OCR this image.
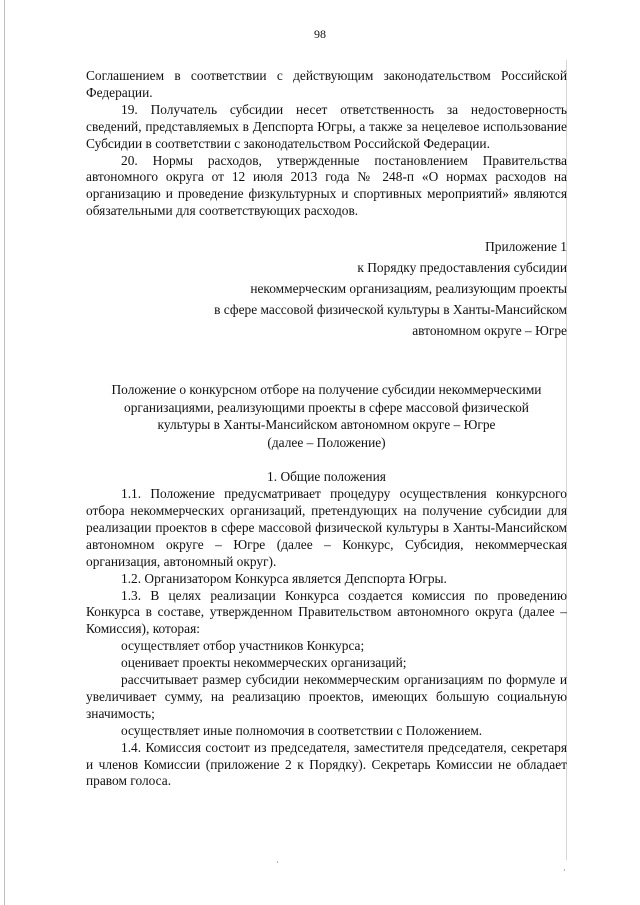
98

Соглашением в соответствии с действующим законодательством Российской Федерации.

19. Получатель субсидии несет ответственность за недостоверность сведений, представляемых в Депспорта Югры, а также за нецелевое использование Субсидии в соответствии с законодательством Российской Федерации.

20. Нормы расходов, утвержденные постановлением Правительства автономного округа от 12 июля 2013 года № 248-п «О нормах расходов на организацию и проведение физкультурных и спортивных мероприятий» являются обязательными для соответствующих расходов.

Приложение 1
к Порядку предоставления субсидии
некоммерческим организациям, реализующим проекты
в сфере массовой физической культуры в Ханты-Мансийском
автономном округе – Югре
Положение о конкурсном отборе на получение субсидии некоммерческими
организациями, реализующими проекты в сфере массовой физической
культуры в Ханты-Мансийском автономном округе – Югре
(далее – Положение)
1. Общие положения

1.1. Положение предусматривает процедуру осуществления конкурсного отбора некоммерческих организаций, претендующих на получение субсидии для реализации проектов в сфере массовой физической культуры в Ханты-Мансийском автономном округе – Югре (далее – Конкурс, Субсидия, некоммерческая организация, автономный округ).

1.2. Организатором Конкурса является Депспорта Югры.

1.3. В целях реализации Конкурса создается комиссия по проведению Конкурса в составе, утвержденном Правительством автономного округа (далее – Комиссия), которая:

осуществляет отбор участников Конкурса;

оценивает проекты некоммерческих организаций;

рассчитывает размер субсидии некоммерческим организациям по формуле и увеличивает сумму, на реализацию проектов, имеющих большую социальную значимость;

осуществляет иные полномочия в соответствии с Положением.

1.4. Комиссия состоит из председателя, заместителя председателя, секретаря и членов Комиссии (приложение 2 к Порядку). Секретарь Комиссии не обладает правом голоса.

·
·
